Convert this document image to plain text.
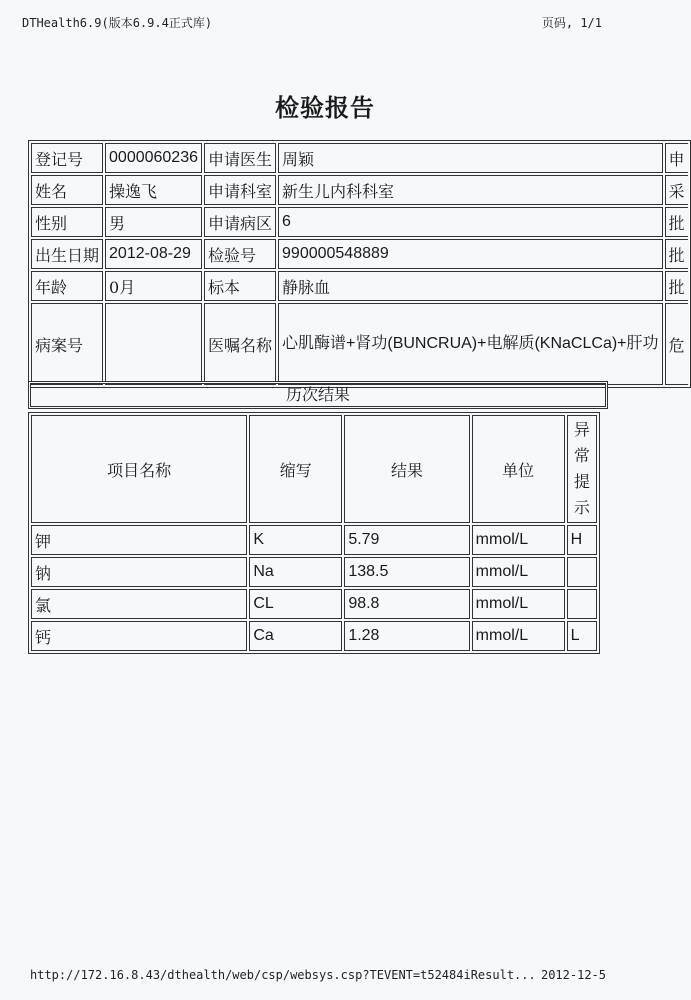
DTHealth6.9(版本6.9.4正式库)	页码, 1/1
检验报告
登记号	0000060236	申请医生	周颖	申
姓名	操逸飞	申请科室	新生儿内科科室	采
性别	男	申请病区	6	批
出生日期	2012-08-29	检验号	990000548889	批
年龄	0月	标本	静脉血	批
病案号		医嘱名称	心肌酶谱+肾功(BUNCRUA)+电解质(KNaCLCa)+肝功	危
历次结果
项目名称	缩写	结果	单位	异常提示
钾	K	5.79	mmol/L	H
钠	Na	138.5	mmol/L	
氯	CL	98.8	mmol/L	
钙	Ca	1.28	mmol/L	L
http://172.16.8.43/dthealth/web/csp/websys.csp?TEVENT=t52484iResult... 2012-12-5
